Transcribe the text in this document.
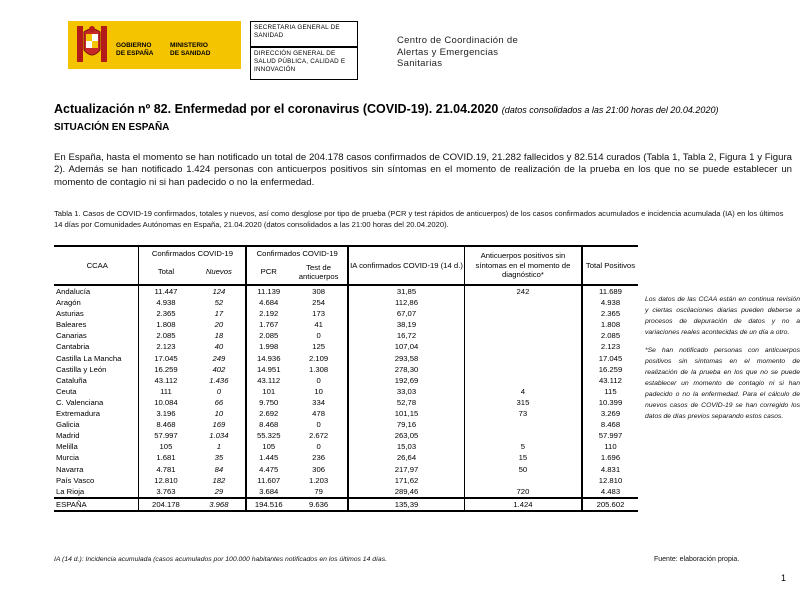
GOBIERNO
DE ESPAÑA
MINISTERIO
DE SANIDAD
SECRETARIA GENERAL DE SANIDAD
DIRECCIÓN GENERAL DE SALUD PÚBLICA, CALIDAD E INNOVACIÓN
Centro de Coordinación de
Alertas y Emergencias
Sanitarias
Actualización nº 82. Enfermedad por el coronavirus (COVID-19). 21.04.2020 (datos consolidados a las 21:00 horas del 20.04.2020)
SITUACIÓN EN ESPAÑA
En España, hasta el momento se han notificado un total de 204.178 casos confirmados de COVID.19, 21.282 fallecidos y 82.514 curados (Tabla 1, Tabla 2, Figura 1 y Figura 2). Además se han notificado 1.424 personas con anticuerpos positivos sin síntomas en el momento de realización de la prueba en los que no se puede establecer un momento de contagio ni si han padecido o no la enfermedad.
Tabla 1. Casos de COVID-19 confirmados, totales y nuevos, así como desglose por tipo de prueba (PCR y test rápidos de anticuerpos) de los casos confirmados acumulados e incidencia acumulada (IA) en los últimos 14 días por Comunidades Autónomas en España, 21.04.2020 (datos consolidados a las 21:00 horas del 20.04.2020).
CCAA	Confirmados COVID-19		Confirmados COVID-19		IA confirmados COVID-19 (14 d.)	Anticuerpos positivos sin síntomas en el momento de diagnóstico*	Total Positivos
	Total	Nuevos	PCR	Test de anticuerpos			
Andalucía	11.447	124	11.139	308	31,85	242	11.689
Aragón	4.938	52	4.684	254	112,86		4.938
Asturias	2.365	17	2.192	173	67,07		2.365
Baleares	1.808	20	1.767	41	38,19		1.808
Canarias	2.085	18	2.085	0	16,72		2.085
Cantabria	2.123	40	1.998	125	107,04		2.123
Castilla La Mancha	17.045	249	14.936	2.109	293,58		17.045
Castilla y León	16.259	402	14.951	1.308	278,30		16.259
Cataluña	43.112	1.436	43.112	0	192,69		43.112
Ceuta	111	0	101	10	33,03	4	115
C. Valenciana	10.084	66	9.750	334	52,78	315	10.399
Extremadura	3.196	10	2.692	478	101,15	73	3.269
Galicia	8.468	169	8.468	0	79,16		8.468
Madrid	57.997	1.034	55.325	2.672	263,05		57.997
Melilla	105	1	105	0	15,03	5	110
Murcia	1.681	35	1.445	236	26,64	15	1.696
Navarra	4.781	84	4.475	306	217,97	50	4.831
País Vasco	12.810	182	11.607	1.203	171,62		12.810
La Rioja	3.763	29	3.684	79	289,46	720	4.483
ESPAÑA	204.178	3.968	194.516	9.636	135,39	1.424	205.602

Los datos de las CCAA están en continua revisión y ciertas oscilaciones diarias pueden deberse a procesos de depuración de datos y no a variaciones reales acontecidas de un día a otro.

*Se han notificado personas con anticuerpos positivos sin síntomas en el momento de realización de la prueba en los que no se puede establecer un momento de contagio ni si han padecido o no la enfermedad. Para el cálculo de nuevos casos de COVID-19 se han corregido los datos de días previos separando estos casos.

IA (14 d.): Incidencia acumulada (casos acumulados por 100.000 habitantes notificados en los últimos 14 días.	Fuente: elaboración propia.
1
